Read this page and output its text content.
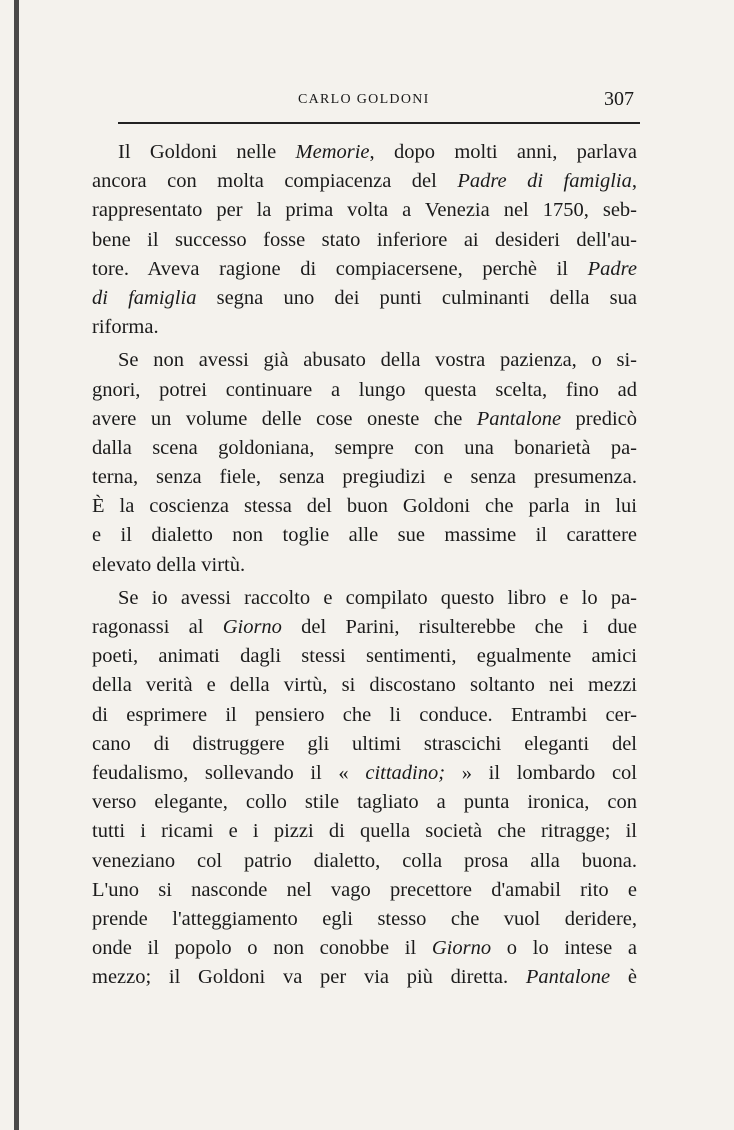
CARLO GOLDONI	307
Il Goldoni nelle Memorie, dopo molti anni, parlava
ancora con molta compiacenza del Padre di famiglia,
rappresentato per la prima volta a Venezia nel 1750, seb-
bene il successo fosse stato inferiore ai desideri dell'au-
tore. Aveva ragione di compiacersene, perchè il Padre
di famiglia segna uno dei punti culminanti della sua
riforma.
Se non avessi già abusato della vostra pazienza, o si-
gnori, potrei continuare a lungo questa scelta, fino ad
avere un volume delle cose oneste che Pantalone predicò
dalla scena goldoniana, sempre con una bonarietà pa-
terna, senza fiele, senza pregiudizi e senza presumenza.
È la coscienza stessa del buon Goldoni che parla in lui
e il dialetto non toglie alle sue massime il carattere
elevato della virtù.
Se io avessi raccolto e compilato questo libro e lo pa-
ragonassi al Giorno del Parini, risulterebbe che i due
poeti, animati dagli stessi sentimenti, egualmente amici
della verità e della virtù, si discostano soltanto nei mezzi
di esprimere il pensiero che li conduce. Entrambi cer-
cano di distruggere gli ultimi strascichi eleganti del
feudalismo, sollevando il « cittadino; » il lombardo col
verso elegante, collo stile tagliato a punta ironica, con
tutti i ricami e i pizzi di quella società che ritragge; il
veneziano col patrio dialetto, colla prosa alla buona.
L'uno si nasconde nel vago precettore d'amabil rito e
prende l'atteggiamento egli stesso che vuol deridere,
onde il popolo o non conobbe il Giorno o lo intese a
mezzo; il Goldoni va per via più diretta. Pantalone è
